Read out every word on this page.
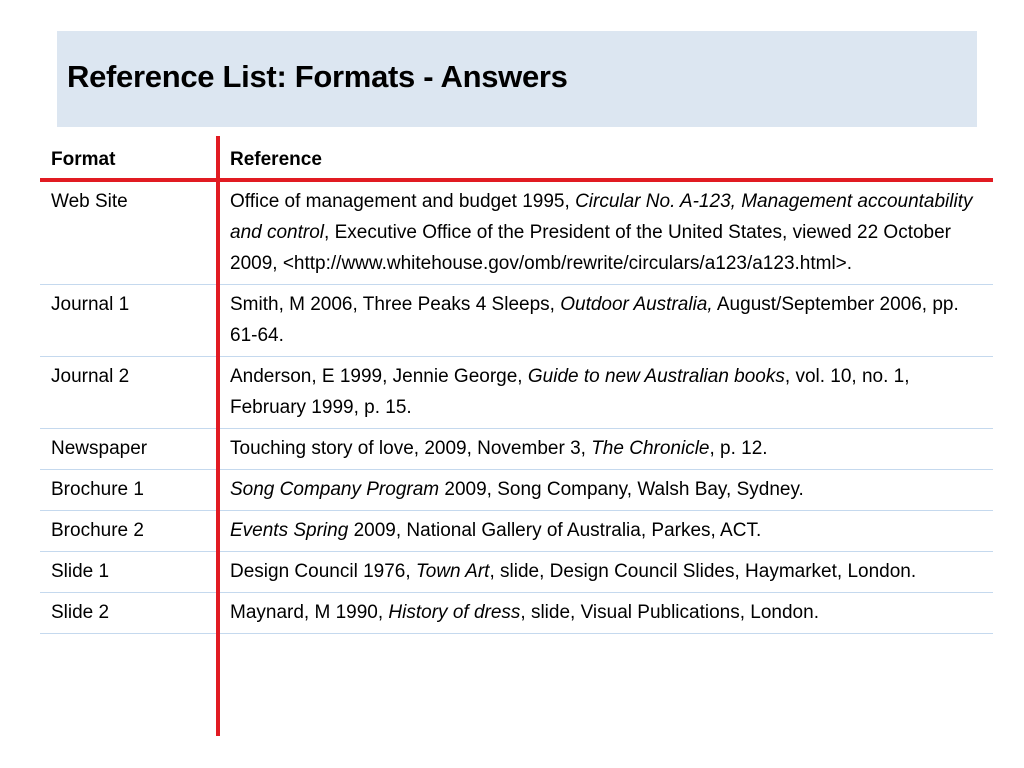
Reference List: Formats - Answers
Format	Reference
Web Site	Office of management and budget 1995, Circular No. A-123, Management accountability and control, Executive Office of the President of the United States, viewed 22 October 2009, <http://www.whitehouse.gov/omb/rewrite/circulars/a123/a123.html>.
Journal 1	Smith, M 2006, Three Peaks 4 Sleeps, Outdoor Australia, August/September 2006, pp. 61-64.
Journal 2	Anderson, E 1999, Jennie George, Guide to new Australian books, vol. 10, no. 1, February 1999, p. 15.
Newspaper	Touching story of love, 2009, November 3, The Chronicle, p. 12.
Brochure 1	Song Company Program 2009, Song Company, Walsh Bay, Sydney.
Brochure 2	Events Spring 2009, National Gallery of Australia, Parkes, ACT.
Slide 1	Design Council 1976, Town Art, slide, Design Council Slides, Haymarket, London.
Slide 2	Maynard, M 1990, History of dress, slide, Visual Publications, London.
